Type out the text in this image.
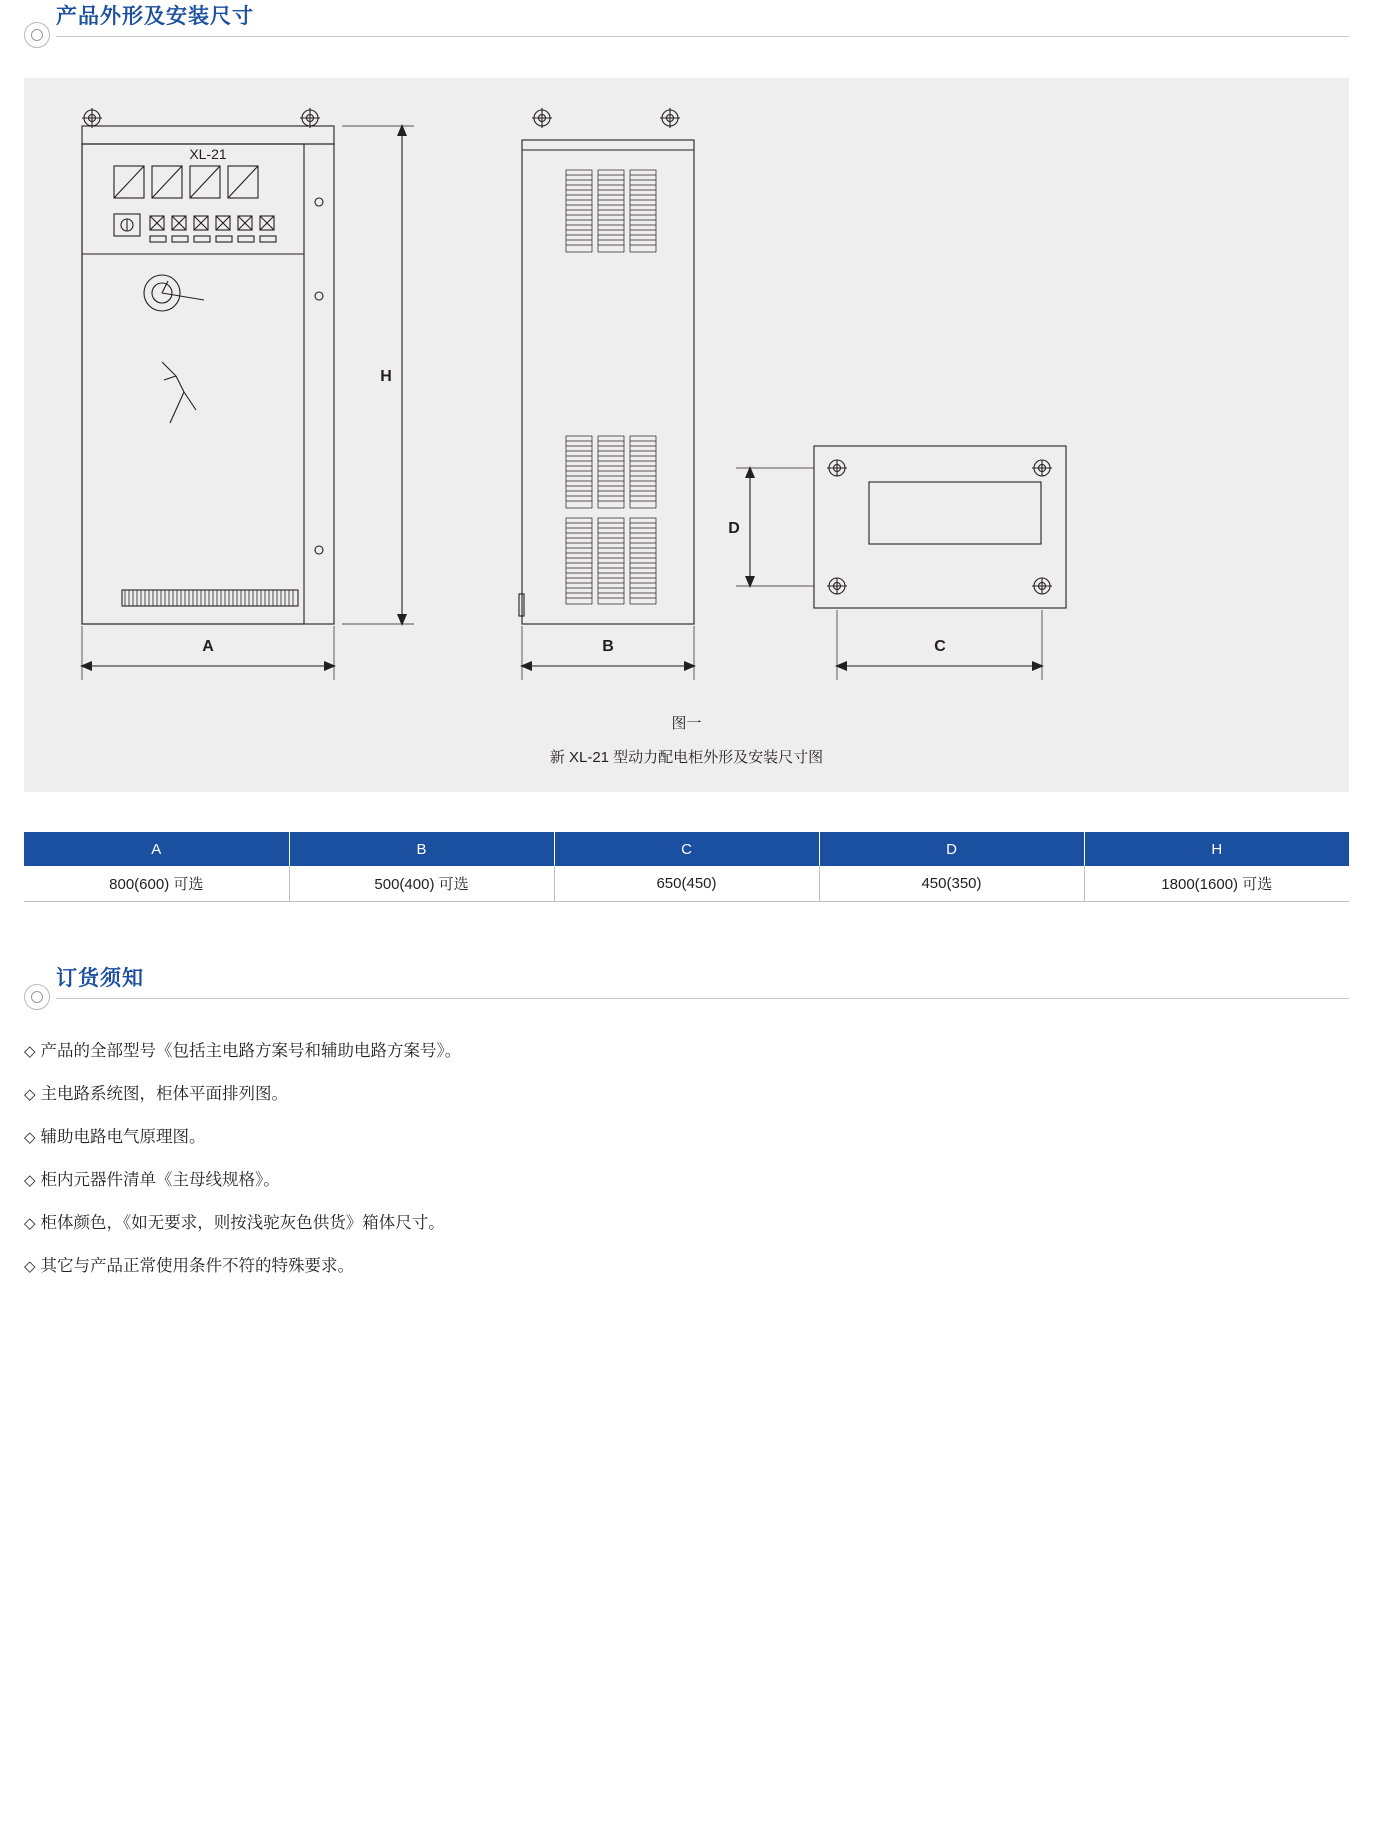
产品外形及安装尺寸
XL-21
H
A	B	C
D
图一
新 XL-21 型动力配电柜外形及安装尺寸图
A	B	C	D	H
800(600) 可选	500(400) 可选	650(450)	450(350)	1800(1600) 可选
订货须知
◇ 产品的全部型号《包括主电路方案号和辅助电路方案号》。
◇ 主电路系统图，柜体平面排列图。
◇ 辅助电路电气原理图。
◇ 柜内元器件清单《主母线规格》。
◇ 柜体颜色，《如无要求，则按浅驼灰色供货》箱体尺寸。
◇ 其它与产品正常使用条件不符的特殊要求。
